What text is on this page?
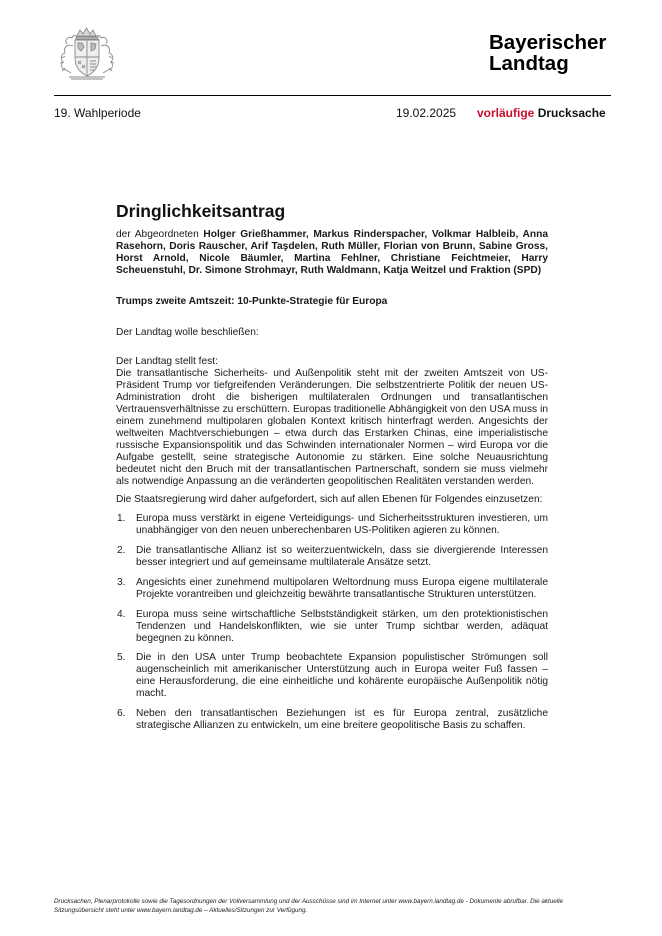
Bayerischer
Landtag
19. Wahlperiode	19.02.2025 vorläufige Drucksache
Dringlichkeitsantrag

der Abgeordneten Holger Grießhammer, Markus Rinderspacher, Volkmar Halbleib, Anna Rasehorn, Doris Rauscher, Arif Taşdelen, Ruth Müller, Florian von Brunn, Sabine Gross, Horst Arnold, Nicole Bäumler, Martina Fehlner, Christiane Feichtmeier, Harry Scheuenstuhl, Dr. Simone Strohmayr, Ruth Waldmann, Katja Weitzel und Fraktion (SPD)

Trumps zweite Amtszeit: 10-Punkte-Strategie für Europa

Der Landtag wolle beschließen:

Der Landtag stellt fest:

Die transatlantische Sicherheits- und Außenpolitik steht mit der zweiten Amtszeit von US-Präsident Trump vor tiefgreifenden Veränderungen. Die selbstzentrierte Politik der neuen US-Administration droht die bisherigen multilateralen Ordnungen und transatlantischen Vertrauensverhältnisse zu erschüttern. Europas traditionelle Abhängigkeit von den USA muss in einem zunehmend multipolaren globalen Kontext kritisch hinterfragt werden. Angesichts der weltweiten Machtverschiebungen – etwa durch das Erstarken Chinas, eine imperialistische russische Expansionspolitik und das Schwinden internationaler Normen – wird Europa vor die Aufgabe gestellt, seine strategische Autonomie zu stärken. Eine solche Neuausrichtung bedeutet nicht den Bruch mit der transatlantischen Partnerschaft, sondern sie muss vielmehr als notwendige Anpassung an die veränderten geopolitischen Realitäten verstanden werden.

Die Staatsregierung wird daher aufgefordert, sich auf allen Ebenen für Folgendes einzusetzen:

1. Europa muss verstärkt in eigene Verteidigungs- und Sicherheitsstrukturen investieren, um unabhängiger von den neuen unberechenbaren US-Politiken agieren zu können.
2. Die transatlantische Allianz ist so weiterzuentwickeln, dass sie divergierende Interessen besser integriert und auf gemeinsame multilaterale Ansätze setzt.
3. Angesichts einer zunehmend multipolaren Weltordnung muss Europa eigene multilaterale Projekte vorantreiben und gleichzeitig bewährte transatlantische Strukturen unterstützen.
4. Europa muss seine wirtschaftliche Selbstständigkeit stärken, um den protektionistischen Tendenzen und Handelskonflikten, wie sie unter Trump sichtbar werden, adäquat begegnen zu können.
5. Die in den USA unter Trump beobachtete Expansion populistischer Strömungen soll augenscheinlich mit amerikanischer Unterstützung auch in Europa weiter Fuß fassen – eine Herausforderung, die eine einheitliche und kohärente europäische Außenpolitik nötig macht.
6. Neben den transatlantischen Beziehungen ist es für Europa zentral, zusätzliche strategische Allianzen zu entwickeln, um eine breitere geopolitische Basis zu schaffen.
Drucksachen, Plenarprotokolle sowie die Tagesordnungen der Vollversammlung und der Ausschüsse sind im Internet unter www.bayern.landtag.de - Dokumente abrufbar. Die aktuelle Sitzungsübersicht steht unter www.bayern.landtag.de – Aktuelles/Sitzungen zur Verfügung.
